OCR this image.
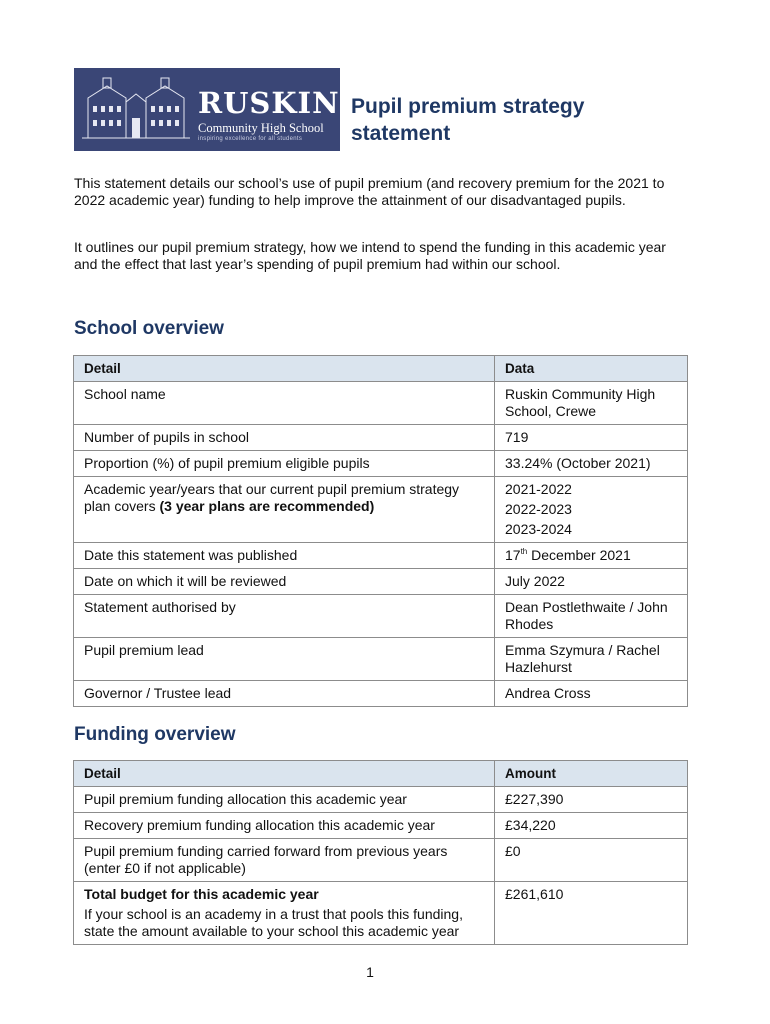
RUSKIN
Community High School
inspiring excellence for all students
Pupil premium strategy statement

This statement details our school’s use of pupil premium (and recovery premium for the 2021 to 2022 academic year) funding to help improve the attainment of our disadvantaged pupils.

It outlines our pupil premium strategy, how we intend to spend the funding in this academic year and the effect that last year’s spending of pupil premium had within our school.

School overview
Detail	Data
School name	Ruskin Community High School, Crewe
Number of pupils in school	719
Proportion (%) of pupil premium eligible pupils	33.24% (October 2021)
Academic year/years that our current pupil premium strategy plan covers (3 year plans are recommended)	2021-2022
2022-2023
2023-2024

Date this statement was published	17th December 2021
Date on which it will be reviewed	July 2022
Statement authorised by	Dean Postlethwaite / John Rhodes
Pupil premium lead	Emma Szymura / Rachel Hazlehurst
Governor / Trustee lead	Andrea Cross
Funding overview
Detail	Amount
Pupil premium funding allocation this academic year	£227,390
Recovery premium funding allocation this academic year	£34,220
Pupil premium funding carried forward from previous years (enter £0 if not applicable)	£0

Total budget for this academic year
If your school is an academy in a trust that pools this funding, state the amount available to your school this academic year	£261,610
1
